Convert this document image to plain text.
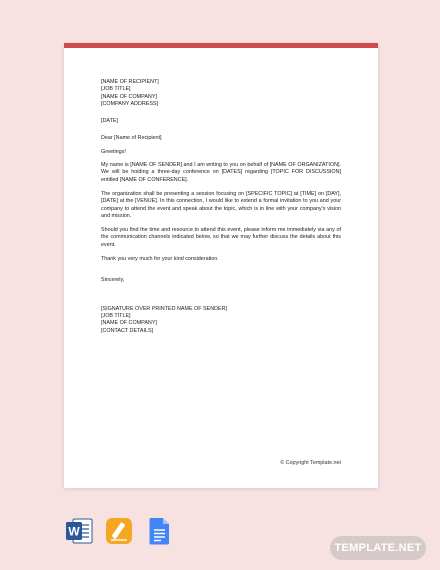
[NAME OF RECIPIENT]
[JOB TITLE]
[NAME OF COMPANY]
[COMPANY ADDRESS]

[DATE]

Dear [Name of Recipient]

Greetings!

My name is [NAME OF SENDER] and I am writing to you on behalf of [NAME OF ORGANIZATION]. We will be holding a three-day conference on [DATES] regarding [TOPIC FOR DISCUSSION] entitled [NAME OF CONFERENCE].

The organization shall be presenting a session focusing on [SPECIFIC TOPIC] at [TIME] on [DAY], [DATE] at the [VENUE]. In this connection, I would like to extend a formal invitation to you and your company to attend the event and speak about the topic, which is in line with your company's vision and mission.

Should you find the time and resource to attend this event, please inform me immediately via any of the communication channels indicated below, so that we may further discuss the details about this event.

Thank you very much for your kind consideration.

Sincerely,

[SIGNATURE OVER PRINTED NAME OF SENDER]
[JOB TITLE]
[NAME OF COMPANY]
[CONTACT DETAILS]

© Copyright Template.net
W
TEMPLATE.NET
